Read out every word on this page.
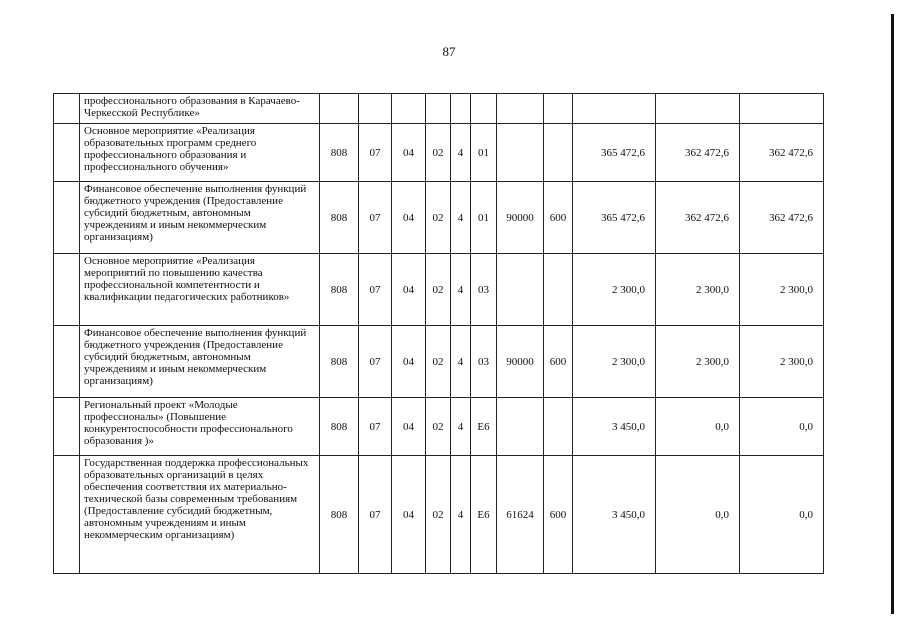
87
	профессионального образования в Карачаево-Черкесской Республике»											
	Основное мероприятие «Реализация образовательных программ среднего профессионального образования и профессионального обучения»	808	07	04	02	4	01			365 472,6	362 472,6	362 472,6
	Финансовое обеспечение выполнения функций бюджетного учреждения (Предоставление субсидий бюджетным, автономным учреждениям и иным некоммерческим организациям)	808	07	04	02	4	01	90000	600	365 472,6	362 472,6	362 472,6
	Основное мероприятие «Реализация мероприятий по повышению качества профессиональной компетентности и квалификации педагогических работников»	808	07	04	02	4	03			2 300,0	2 300,0	2 300,0
	Финансовое обеспечение выполнения функций бюджетного учреждения (Предоставление субсидий бюджетным, автономным учреждениям и иным некоммерческим организациям)	808	07	04	02	4	03	90000	600	2 300,0	2 300,0	2 300,0
	Региональный проект «Молодые профессионалы» (Повышение конкурентоспособности профессионального образования )»	808	07	04	02	4	E6			3 450,0	0,0	0,0
	Государственная поддержка профессиональных образовательных организаций в целях обеспечения соответствия их материально-технической базы современным требованиям (Предоставление субсидий бюджетным, автономным учреждениям и иным некоммерческим организациям)	808	07	04	02	4	E6	61624	600	3 450,0	0,0	0,0
